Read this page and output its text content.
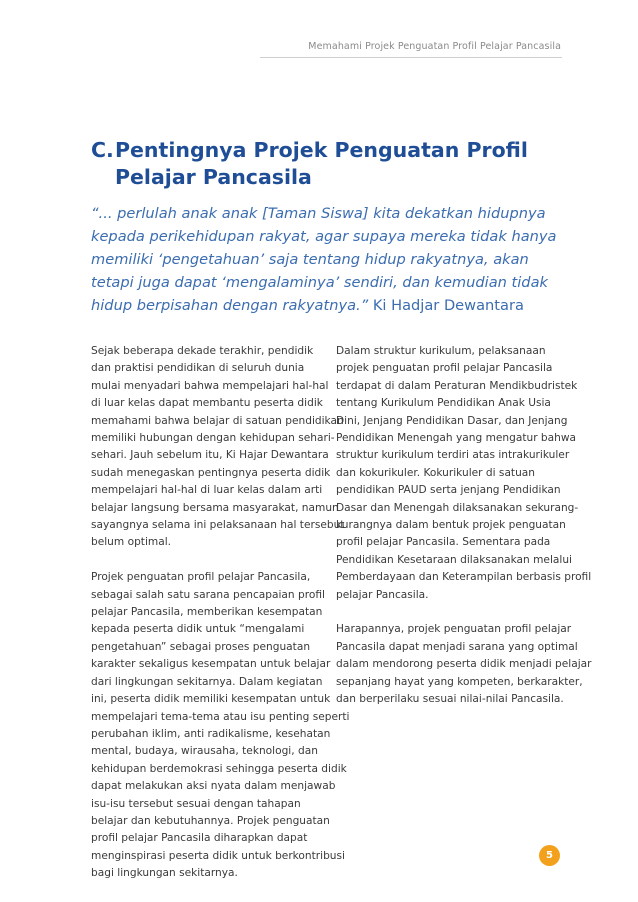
Memahami Projek Penguatan Profil Pelajar Pancasila
C. Pentingnya Projek Penguatan Profil Pelajar Pancasila
“... perlulah anak anak [Taman Siswa] kita dekatkan hidupnya kepada perikehidupan rakyat, agar supaya mereka tidak hanya memiliki ‘pengetahuan’ saja tentang hidup rakyatnya, akan tetapi juga dapat ‘mengalaminya’ sendiri, dan kemudian tidak hidup berpisahan dengan rakyatnya.” Ki Hadjar Dewantara

Sejak beberapa dekade terakhir, pendidik
dan praktisi pendidikan di seluruh dunia
mulai menyadari bahwa mempelajari hal-hal
di luar kelas dapat membantu peserta didik
memahami bahwa belajar di satuan pendidikan
memiliki hubungan dengan kehidupan sehari-
sehari. Jauh sebelum itu, Ki Hajar Dewantara
sudah menegaskan pentingnya peserta didik
mempelajari hal-hal di luar kelas dalam arti
belajar langsung bersama masyarakat, namun
sayangnya selama ini pelaksanaan hal tersebut
belum optimal.

Projek penguatan profil pelajar Pancasila,
sebagai salah satu sarana pencapaian profil
pelajar Pancasila, memberikan kesempatan
kepada peserta didik untuk “mengalami
pengetahuan” sebagai proses penguatan
karakter sekaligus kesempatan untuk belajar
dari lingkungan sekitarnya. Dalam kegiatan
ini, peserta didik memiliki kesempatan untuk
mempelajari tema-tema atau isu penting seperti
perubahan iklim, anti radikalisme, kesehatan
mental, budaya, wirausaha, teknologi, dan
kehidupan berdemokrasi sehingga peserta didik
dapat melakukan aksi nyata dalam menjawab
isu-isu tersebut sesuai dengan tahapan
belajar dan kebutuhannya. Projek penguatan
profil pelajar Pancasila diharapkan dapat
menginspirasi peserta didik untuk berkontribusi
bagi lingkungan sekitarnya.

Dalam struktur kurikulum, pelaksanaan
projek penguatan profil pelajar Pancasila
terdapat di dalam Peraturan Mendikbudristek
tentang Kurikulum Pendidikan Anak Usia
Dini, Jenjang Pendidikan Dasar, dan Jenjang
Pendidikan Menengah yang mengatur bahwa
struktur kurikulum terdiri atas intrakurikuler
dan kokurikuler. Kokurikuler di satuan
pendidikan PAUD serta jenjang Pendidikan
Dasar dan Menengah dilaksanakan sekurang-
kurangnya dalam bentuk projek penguatan
profil pelajar Pancasila. Sementara pada
Pendidikan Kesetaraan dilaksanakan melalui
Pemberdayaan dan Keterampilan berbasis profil
pelajar Pancasila.

Harapannya, projek penguatan profil pelajar
Pancasila dapat menjadi sarana yang optimal
dalam mendorong peserta didik menjadi pelajar
sepanjang hayat yang kompeten, berkarakter,
dan berperilaku sesuai nilai-nilai Pancasila.

5
